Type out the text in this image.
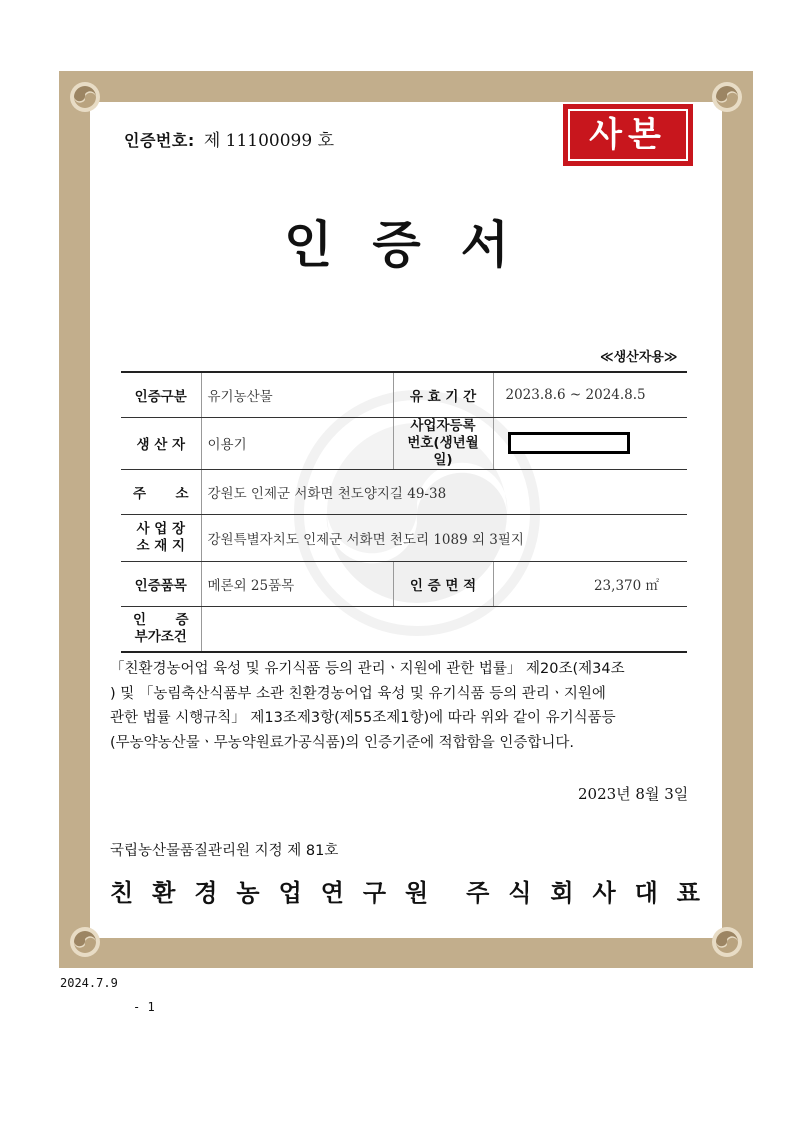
인증번호: 제 11100099 호	사본
인증서
≪생산자용≫
인증구분	유기농산물	유 효 기 간	2023.8.6 ~ 2024.8.5
생 산 자	이용기	사업자등록
번호(생년월일)	

주 소	강원도 인제군 서화면 천도양지길 49-38		

사 업 장
소 재 지	강원특별자치도 인제군 서화면 천도리 1089 외 3필지		
인증품목	메론외 25품목	인 증 면 적	23,370 ㎡

인 증
부가조건			

「친환경농어업 육성 및 유기식품 등의 관리ㆍ지원에 관한 법률」 제20조(제34조

) 및 「농림축산식품부 소관 친환경농어업 육성 및 유기식품 등의 관리ㆍ지원에

관한 법률 시행규칙」 제13조제3항(제55조제1항)에 따라 위와 같이 유기식품등

(무농약농산물ㆍ무농약원료가공식품)의 인증기준에 적합함을 인증합니다.

2023년 8월 3일
국립농산물품질관리원 지정 제 81호
친 환 경 농 업 연 구 원 주 식 회 사 대 표
2024.7.9
- 1
